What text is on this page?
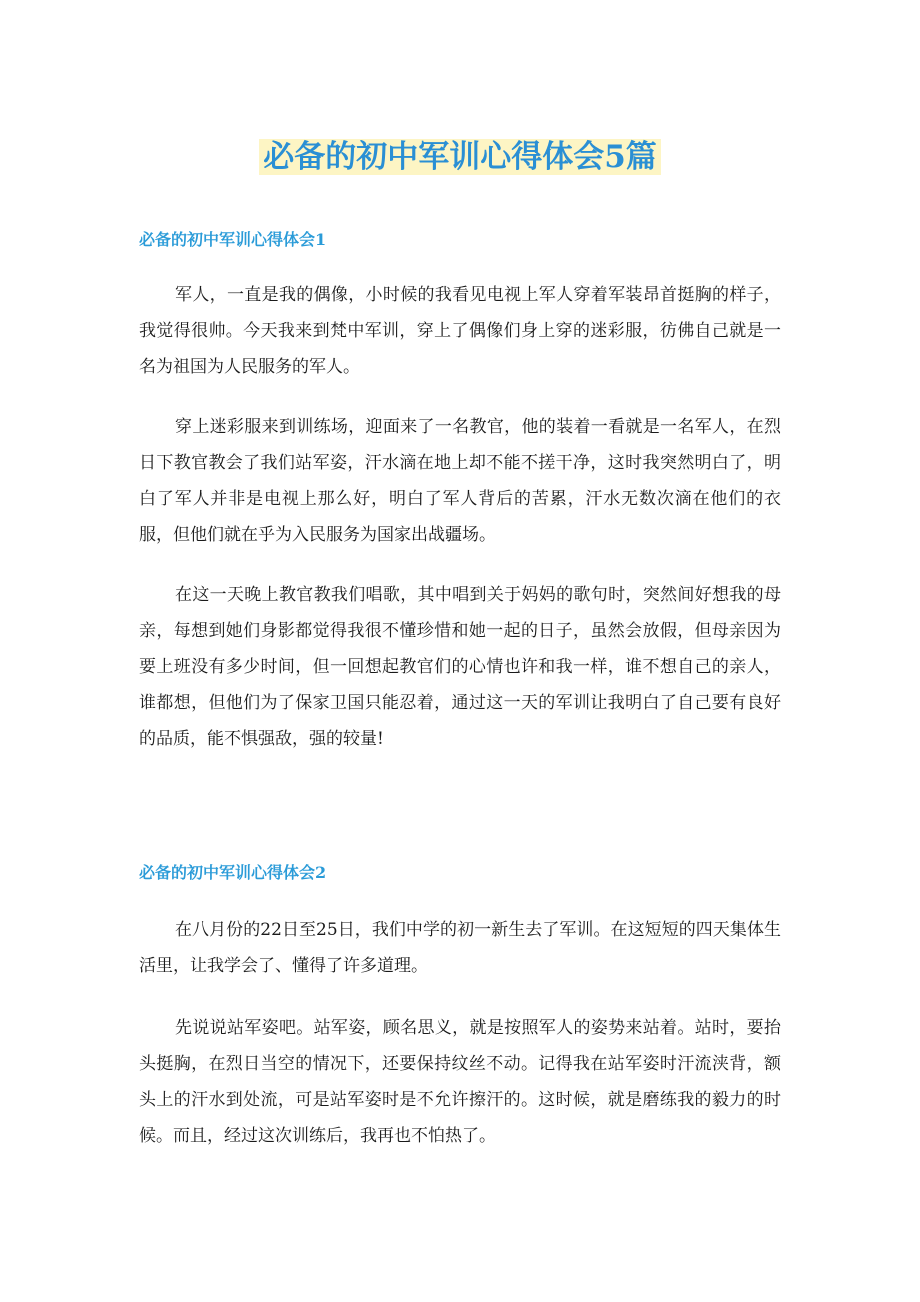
必备的初中军训心得体会5篇
必备的初中军训心得体会1

军人，一直是我的偶像，小时候的我看见电视上军人穿着军装昂首挺胸的样子，我觉得很帅。今天我来到梵中军训，穿上了偶像们身上穿的迷彩服，彷佛自己就是一名为祖国为人民服务的军人。

穿上迷彩服来到训练场，迎面来了一名教官，他的装着一看就是一名军人，在烈日下教官教会了我们站军姿，汗水滴在地上却不能不搓干净，这时我突然明白了，明白了军人并非是电视上那么好，明白了军人背后的苦累，汗水无数次滴在他们的衣服，但他们就在乎为入民服务为国家出战疆场。

在这一天晚上教官教我们唱歌，其中唱到关于妈妈的歌句时，突然间好想我的母亲，每想到她们身影都觉得我很不懂珍惜和她一起的日子，虽然会放假，但母亲因为要上班没有多少时间，但一回想起教官们的心情也许和我一样，谁不想自己的亲人，谁都想，但他们为了保家卫国只能忍着，通过这一天的军训让我明白了自己要有良好的品质，能不惧强敌，强的较量!

必备的初中军训心得体会2

在八月份的22日至25日，我们中学的初一新生去了军训。在这短短的四天集体生活里，让我学会了、懂得了许多道理。

先说说站军姿吧。站军姿，顾名思义，就是按照军人的姿势来站着。站时，要抬头挺胸，在烈日当空的情况下，还要保持纹丝不动。记得我在站军姿时汗流浃背，额头上的汗水到处流，可是站军姿时是不允许擦汗的。这时候，就是磨练我的毅力的时候。而且，经过这次训练后，我再也不怕热了。
